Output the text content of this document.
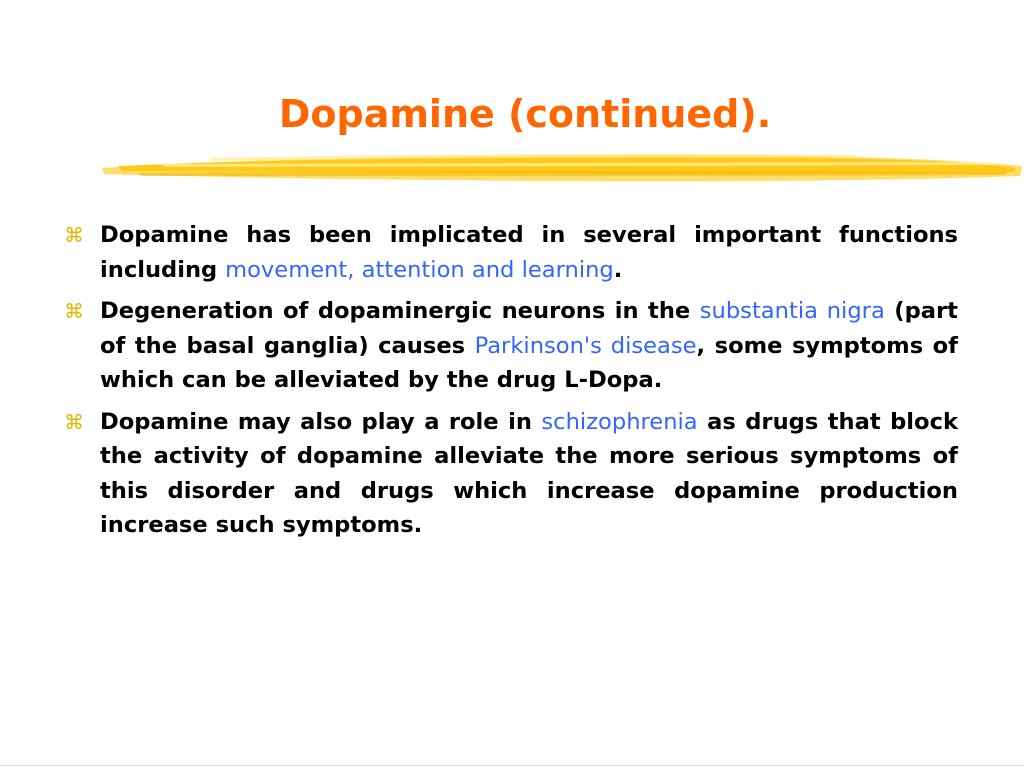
Dopamine (continued).
⌘ Dopamine has been implicated in several important functions including movement, attention and learning.
⌘ Degeneration of dopaminergic neurons in the substantia nigra (part of the basal ganglia) causes Parkinson's disease, some symptoms of which can be alleviated by the drug L-Dopa.
⌘ Dopamine may also play a role in schizophrenia as drugs that block the activity of dopamine alleviate the more serious symptoms of this disorder and drugs which increase dopamine production increase such symptoms.
